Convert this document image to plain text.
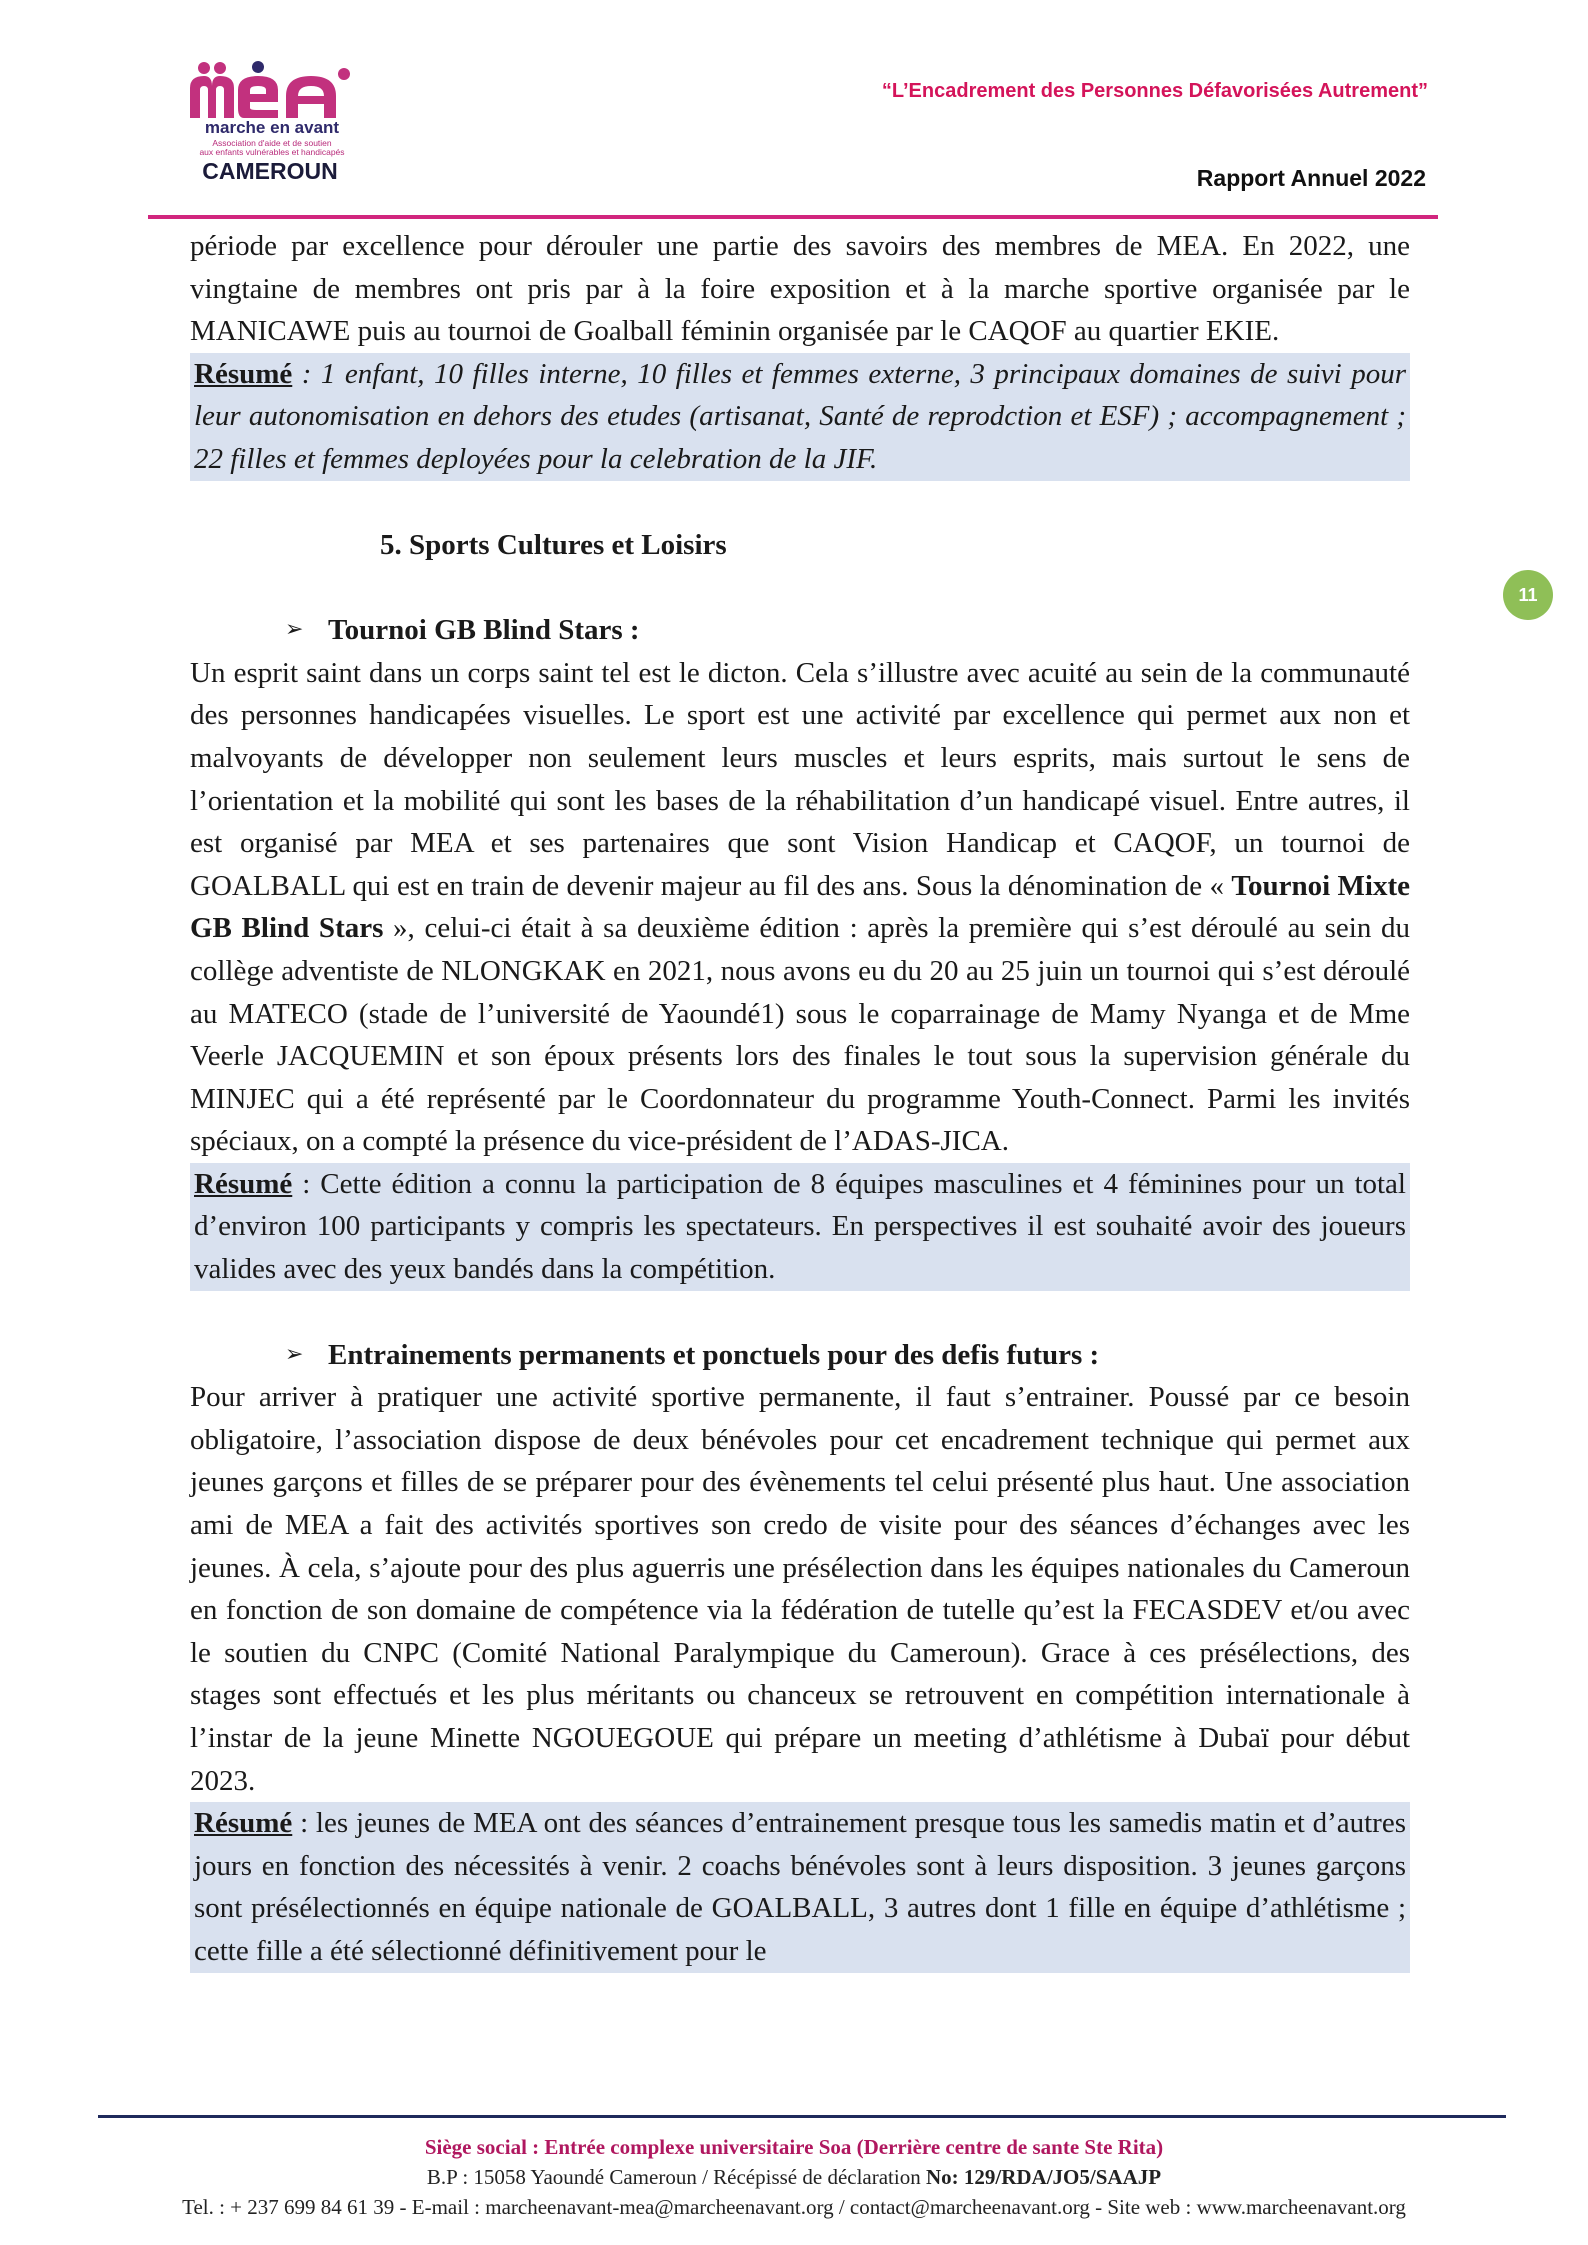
marche en avant
Association d'aide et de soutien
aux enfants vulnérables et handicapés
CAMEROUN
“L’Encadrement des Personnes Défavorisées Autrement”
Rapport Annuel 2022
11

période par excellence pour dérouler une partie des savoirs des membres de MEA. En 2022, une vingtaine de membres ont pris par à la foire exposition et à la marche sportive organisée par le MANICAWE puis au tournoi de Goalball féminin organisée par le CAQOF au quartier EKIE.

Résumé : 1 enfant, 10 filles interne, 10 filles et femmes externe, 3 principaux domaines de suivi pour leur autonomisation en dehors des etudes (artisanat, Santé de reprodction et ESF) ; accompagnement ; 22 filles et femmes deployées pour la celebration de la JIF.

5. Sports Cultures et Loisirs

➢ Tournoi GB Blind Stars :

Un esprit saint dans un corps saint tel est le dicton. Cela s’illustre avec acuité au sein de la communauté des personnes handicapées visuelles. Le sport est une activité par excellence qui permet aux non et malvoyants de développer non seulement leurs muscles et leurs esprits, mais surtout le sens de l’orientation et la mobilité qui sont les bases de la réhabilitation d’un handicapé visuel. Entre autres, il est organisé par MEA et ses partenaires que sont Vision Handicap et CAQOF, un tournoi de GOALBALL qui est en train de devenir majeur au fil des ans. Sous la dénomination de « Tournoi Mixte GB Blind Stars », celui-ci était à sa deuxième édition : après la première qui s’est déroulé au sein du collège adventiste de NLONGKAK en 2021, nous avons eu du 20 au 25 juin un tournoi qui s’est déroulé au MATECO (stade de l’université de Yaoundé1) sous le coparrainage de Mamy Nyanga et de Mme Veerle JACQUEMIN et son époux présents lors des finales le tout sous la supervision générale du MINJEC qui a été représenté par le Coordonnateur du programme Youth-Connect. Parmi les invités spéciaux, on a compté la présence du vice-président de l’ADAS-JICA.

Résumé : Cette édition a connu la participation de 8 équipes masculines et 4 féminines pour un total d’environ 100 participants y compris les spectateurs. En perspectives il est souhaité avoir des joueurs valides avec des yeux bandés dans la compétition.

➢ Entrainements permanents et ponctuels pour des defis futurs :

Pour arriver à pratiquer une activité sportive permanente, il faut s’entrainer. Poussé par ce besoin obligatoire, l’association dispose de deux bénévoles pour cet encadrement technique qui permet aux jeunes garçons et filles de se préparer pour des évènements tel celui présenté plus haut. Une association ami de MEA a fait des activités sportives son credo de visite pour des séances d’échanges avec les jeunes. À cela, s’ajoute pour des plus aguerris une présélection dans les équipes nationales du Cameroun en fonction de son domaine de compétence via la fédération de tutelle qu’est la FECASDEV et/ou avec le soutien du CNPC (Comité National Paralympique du Cameroun). Grace à ces présélections, des stages sont effectués et les plus méritants ou chanceux se retrouvent en compétition internationale à l’instar de la jeune Minette NGOUEGOUE qui prépare un meeting d’athlétisme à Dubaï pour début 2023.

Résumé : les jeunes de MEA ont des séances d’entrainement presque tous les samedis matin et d’autres jours en fonction des nécessités à venir. 2 coachs bénévoles sont à leurs disposition. 3 jeunes garçons sont présélectionnés en équipe nationale de GOALBALL, 3 autres dont 1 fille en équipe d’athlétisme ; cette fille a été sélectionné définitivement pour le

Siège social : Entrée complexe universitaire Soa (Derrière centre de sante Ste Rita)
B.P : 15058 Yaoundé Cameroun / Récépissé de déclaration No: 129/RDA/JO5/SAAJP
Tel. : + 237 699 84 61 39 - E-mail : marcheenavant-mea@marcheenavant.org / contact@marcheenavant.org - Site web : www.marcheenavant.org
